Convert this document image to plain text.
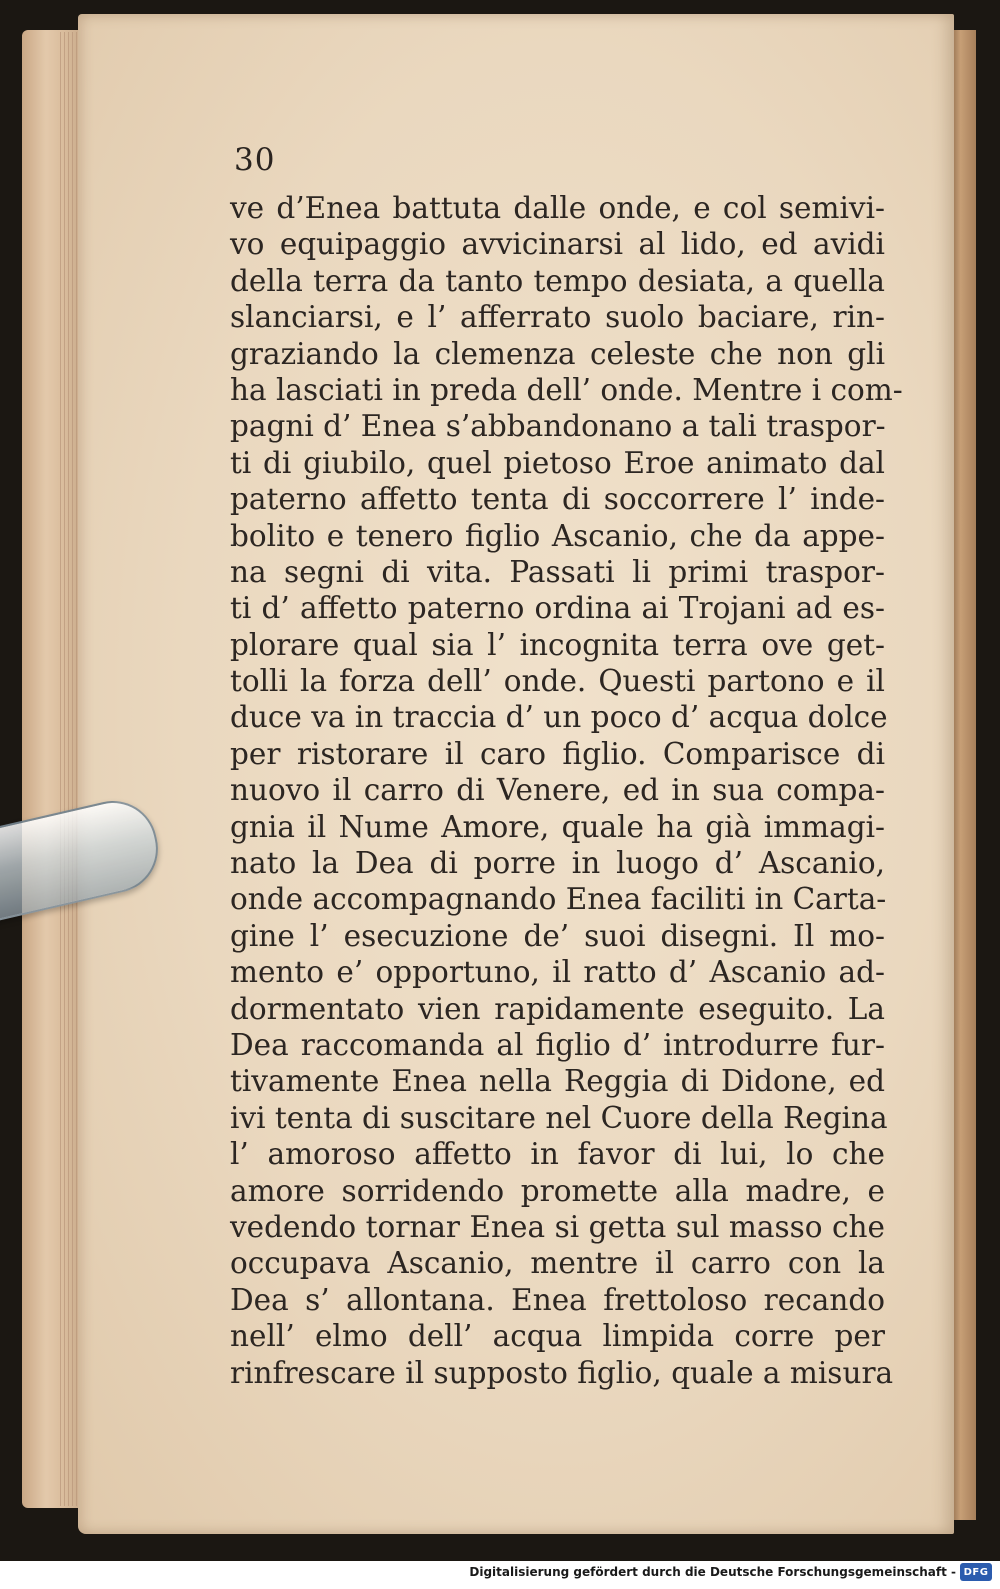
30
ve d’Enea battuta dalle onde, e col semivi-
vo equipaggio avvicinarsi al lido, ed avidi
della terra da tanto tempo desiata, a quella
slanciarsi, e l’ afferrato suolo baciare, rin-
graziando la clemenza celeste che non gli
ha lasciati in preda dell’ onde. Mentre i com-
pagni d’ Enea s’abbandonano a tali traspor-
ti di giubilo, quel pietoso Eroe animato dal
paterno affetto tenta di soccorrere l’ inde-
bolito e tenero figlio Ascanio, che da appe-
na segni di vita. Passati li primi traspor-
ti d’ affetto paterno ordina ai Trojani ad es-
plorare qual sia l’ incognita terra ove get-
tolli la forza dell’ onde. Questi partono e il
duce va in traccia d’ un poco d’ acqua dolce
per ristorare il caro figlio. Comparisce di
nuovo il carro di Venere, ed in sua compa-
gnia il Nume Amore, quale ha già immagi-
nato la Dea di porre in luogo d’ Ascanio,
onde accompagnando Enea faciliti in Carta-
gine l’ esecuzione de’ suoi disegni. Il mo-
mento e’ opportuno, il ratto d’ Ascanio ad-
dormentato vien rapidamente eseguito. La
Dea raccomanda al figlio d’ introdurre fur-
tivamente Enea nella Reggia di Didone, ed
ivi tenta di suscitare nel Cuore della Regina
l’ amoroso affetto in favor di lui, lo che
amore sorridendo promette alla madre, e
vedendo tornar Enea si getta sul masso che
occupava Ascanio, mentre il carro con la
Dea s’ allontana. Enea frettoloso recando
nell’ elmo dell’ acqua limpida corre per
rinfrescare il supposto figlio, quale a misura
Digitalisierung gefördert durch die Deutsche Forschungsgemeinschaft - DFG
